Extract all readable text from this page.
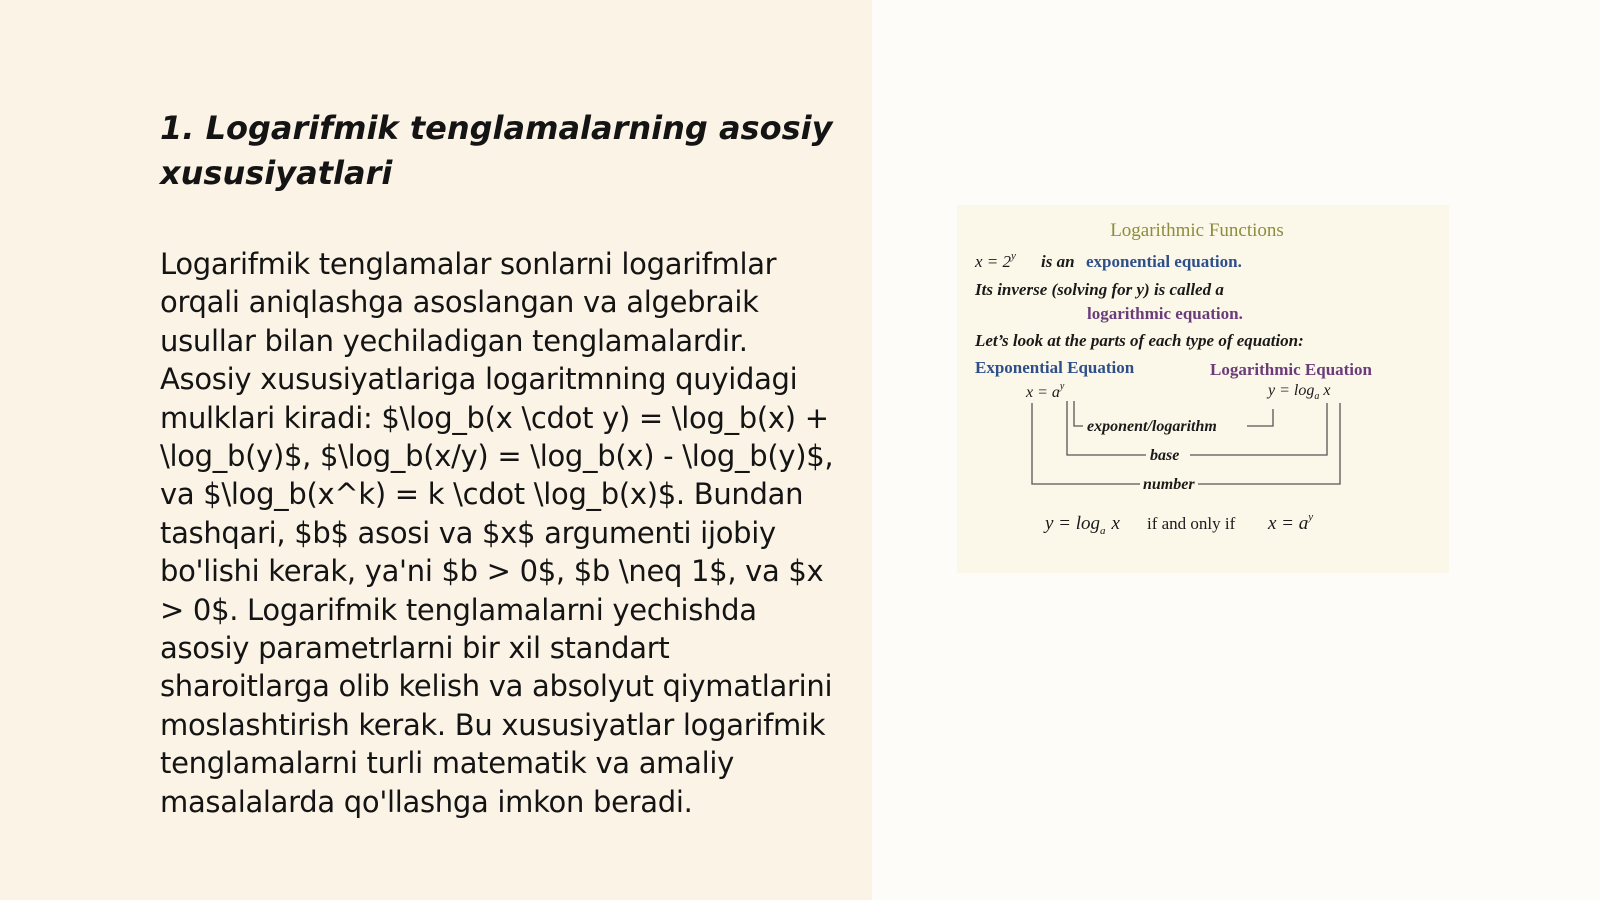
1. Logarifmik tenglamalarning asosiy xususiyatlari

Logarifmik tenglamalar sonlarni logarifmlar orqali aniqlashga asoslangan va algebraik usullar bilan yechiladigan tenglamalardir. Asosiy xususiyatlariga logaritmning quyidagi mulklari kiradi: $\log_b(x \cdot y) = \log_b(x) + \log_b(y)$, $\log_b(x/y) = \log_b(x) - \log_b(y)$, va $\log_b(x^k) = k \cdot \log_b(x)$. Bundan tashqari, $b$ asosi va $x$ argumenti ijobiy bo'lishi kerak, ya'ni $b > 0$, $b \neq 1$, va $x > 0$. Logarifmik tenglamalarni yechishda asosiy parametrlarni bir xil standart sharoitlarga olib kelish va absolyut qiymatlarini moslashtirish kerak. Bu xususiyatlar logarifmik tenglamalarni turli matematik va amaliy masalalarda qo'llashga imkon beradi.

Logarithmic Functions
$x = 2^y$ is an exponential equation.
Its inverse (solving for y) is called a
logarithmic equation.
Let’s look at the parts of each type of equation:
Exponential Equation	Logarithmic Equation
$x = a^y$	$y = \log_a x$
exponent/logarithm
base
number
$y = \log_a x$ if and only if $x = a^y$
